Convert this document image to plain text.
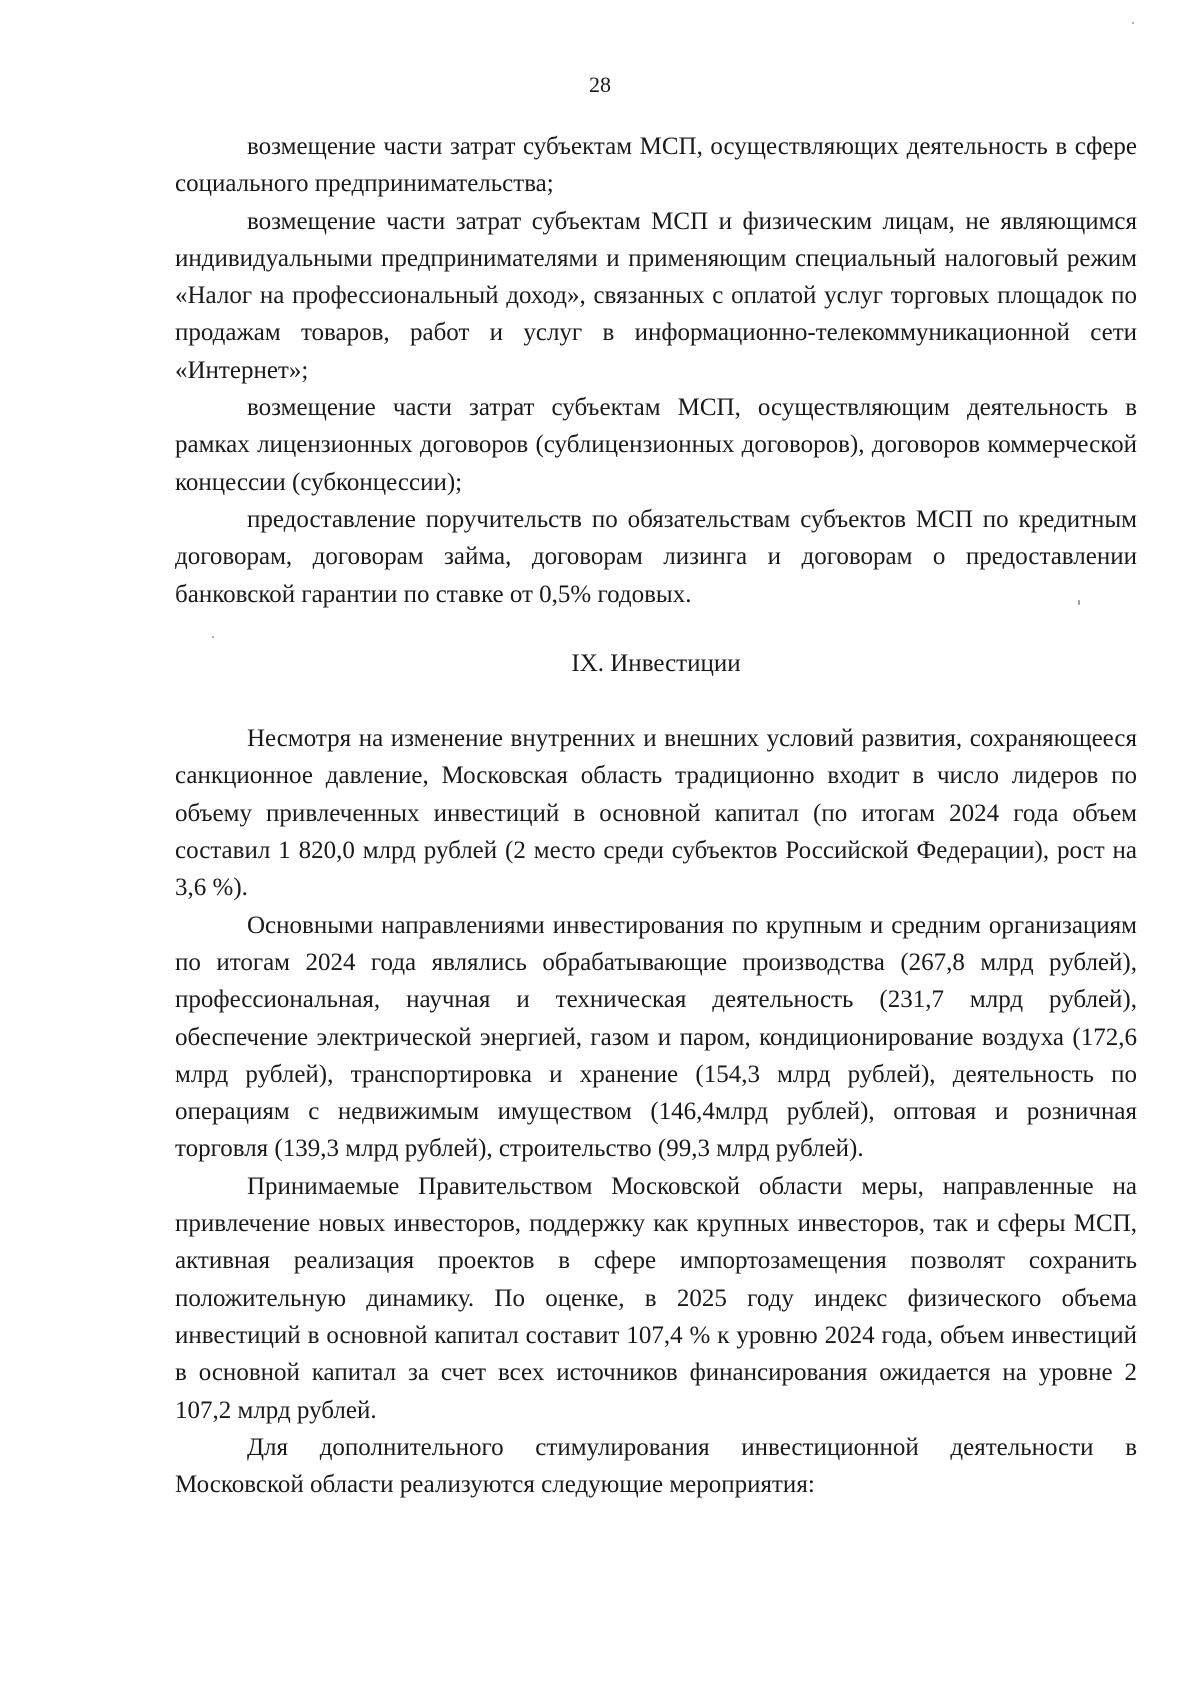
28

возмещение части затрат субъектам МСП, осуществляющих деятельность в сфере социального предпринимательства;

возмещение части затрат субъектам МСП и физическим лицам, не являющимся индивидуальными предпринимателями и применяющим специальный налоговый режим «Налог на профессиональный доход», связанных с оплатой услуг торговых площадок по продажам товаров, работ и услуг в информационно-телекоммуникационной сети «Интернет»;

возмещение части затрат субъектам МСП, осуществляющим деятельность в рамках лицензионных договоров (сублицензионных договоров), договоров коммерческой концессии (субконцессии);

предоставление поручительств по обязательствам субъектов МСП по кредитным договорам, договорам займа, договорам лизинга и договорам о предоставлении банковской гарантии по ставке от 0,5% годовых.

IX. Инвестиции

Несмотря на изменение внутренних и внешних условий развития, сохраняющееся санкционное давление, Московская область традиционно входит в число лидеров по объему привлеченных инвестиций в основной капитал (по итогам 2024 года объем составил 1 820,0 млрд рублей (2 место среди субъектов Российской Федерации), рост на 3,6 %).

Основными направлениями инвестирования по крупным и средним организациям по итогам 2024 года являлись обрабатывающие производства (267,8 млрд рублей), профессиональная, научная и техническая деятельность (231,7 млрд рублей), обеспечение электрической энергией, газом и паром, кондиционирование воздуха (172,6 млрд рублей), транспортировка и хранение (154,3 млрд рублей), деятельность по операциям с недвижимым имуществом (146,4млрд рублей), оптовая и розничная торговля (139,3 млрд рублей), строительство (99,3 млрд рублей).

Принимаемые Правительством Московской области меры, направленные на привлечение новых инвесторов, поддержку как крупных инвесторов, так и сферы МСП, активная реализация проектов в сфере импортозамещения позволят сохранить положительную динамику. По оценке, в 2025 году индекс физического объема инвестиций в основной капитал составит 107,4 % к уровню 2024 года, объем инвестиций в основной капитал за счет всех источников финансирования ожидается на уровне 2 107,2 млрд рублей.

Для дополнительного стимулирования инвестиционной деятельности в Московской области реализуются следующие мероприятия:
